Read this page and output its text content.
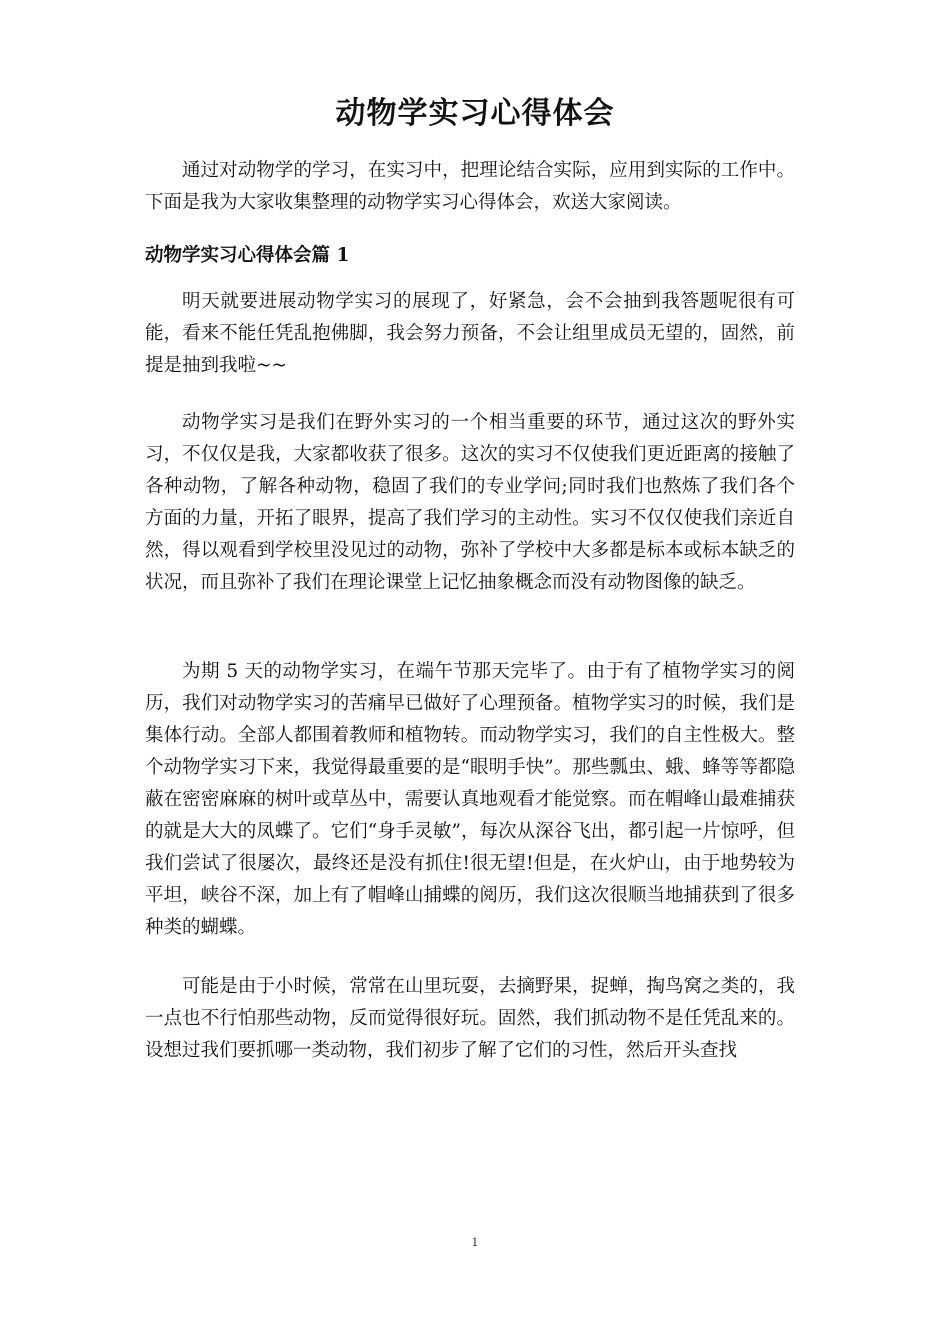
动物学实习心得体会

通过对动物学的学习，在实习中，把理论结合实际，应用到实际的工作中。下面是我为大家收集整理的动物学实习心得体会，欢送大家阅读。

动物学实习心得体会篇 1

明天就要进展动物学实习的展现了，好紧急，会不会抽到我答题呢很有可能，看来不能任凭乱抱佛脚，我会努力预备，不会让组里成员无望的，固然，前提是抽到我啦~~

动物学实习是我们在野外实习的一个相当重要的环节，通过这次的野外实习，不仅仅是我，大家都收获了很多。这次的实习不仅使我们更近距离的接触了各种动物，了解各种动物，稳固了我们的专业学问;同时我们也熬炼了我们各个方面的力量，开拓了眼界，提高了我们学习的主动性。实习不仅仅使我们亲近自然，得以观看到学校里没见过的动物，弥补了学校中大多都是标本或标本缺乏的状况，而且弥补了我们在理论课堂上记忆抽象概念而没有动物图像的缺乏。

为期 5 天的动物学实习，在端午节那天完毕了。由于有了植物学实习的阅历，我们对动物学实习的苦痛早已做好了心理预备。植物学实习的时候，我们是集体行动。全部人都围着教师和植物转。而动物学实习，我们的自主性极大。整个动物学实习下来，我觉得最重要的是“眼明手快”。那些瓢虫、蛾、蜂等等都隐蔽在密密麻麻的树叶或草丛中，需要认真地观看才能觉察。而在帽峰山最难捕获的就是大大的凤蝶了。它们“身手灵敏”，每次从深谷飞出，都引起一片惊呼，但我们尝试了很屡次，最终还是没有抓住!很无望!但是，在火炉山，由于地势较为平坦，峡谷不深，加上有了帽峰山捕蝶的阅历，我们这次很顺当地捕获到了很多种类的蝴蝶。

可能是由于小时候，常常在山里玩耍，去摘野果，捉蝉，掏鸟窝之类的，我一点也不行怕那些动物，反而觉得很好玩。固然，我们抓动物不是任凭乱来的。设想过我们要抓哪一类动物，我们初步了解了它们的习性，然后开头查找

1
